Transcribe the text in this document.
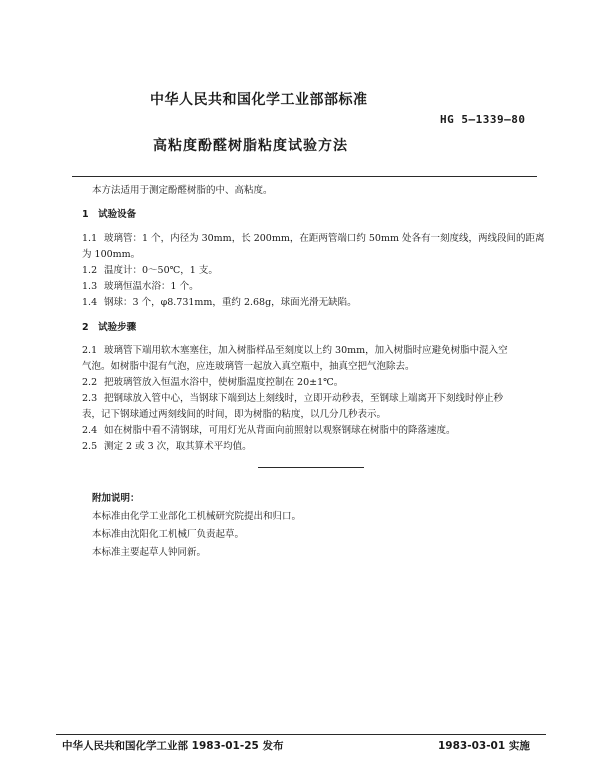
中华人民共和国化学工业部部标准
HG 5—1339—80
高粘度酚醛树脂粘度试验方法
本方法适用于测定酚醛树脂的中、高粘度。
1　试验设备
1.1 玻璃管：1 个，内径为 30mm，长 200mm，在距两管端口约 50mm 处各有一刻度线，两线段间的距离
为 100mm。
1.2 温度计：0～50℃，1 支。
1.3 玻璃恒温水浴：1 个。
1.4 钢球：3 个，φ8.731mm，重约 2.68g，球面光滑无缺陷。
2　试验步骤
2.1 玻璃管下端用软木塞塞住，加入树脂样品至刻度以上约 30mm，加入树脂时应避免树脂中混入空
气泡。如树脂中混有气泡，应连玻璃管一起放入真空瓶中，抽真空把气泡除去。
2.2 把玻璃管放入恒温水浴中，使树脂温度控制在 20±1℃。
2.3 把钢球放入管中心，当钢球下端到达上刻线时，立即开动秒表，至钢球上端离开下刻线时停止秒
表，记下钢球通过两刻线间的时间，即为树脂的粘度，以几分几秒表示。
2.4 如在树脂中看不清钢球，可用灯光从背面向前照射以观察钢球在树脂中的降落速度。
2.5 测定 2 或 3 次，取其算术平均值。
附加说明：
本标准由化学工业部化工机械研究院提出和归口。
本标准由沈阳化工机械厂负责起草。
本标准主要起草人钟同新。
中华人民共和国化学工业部 1983-01-25 发布	1983-03-01 实施
